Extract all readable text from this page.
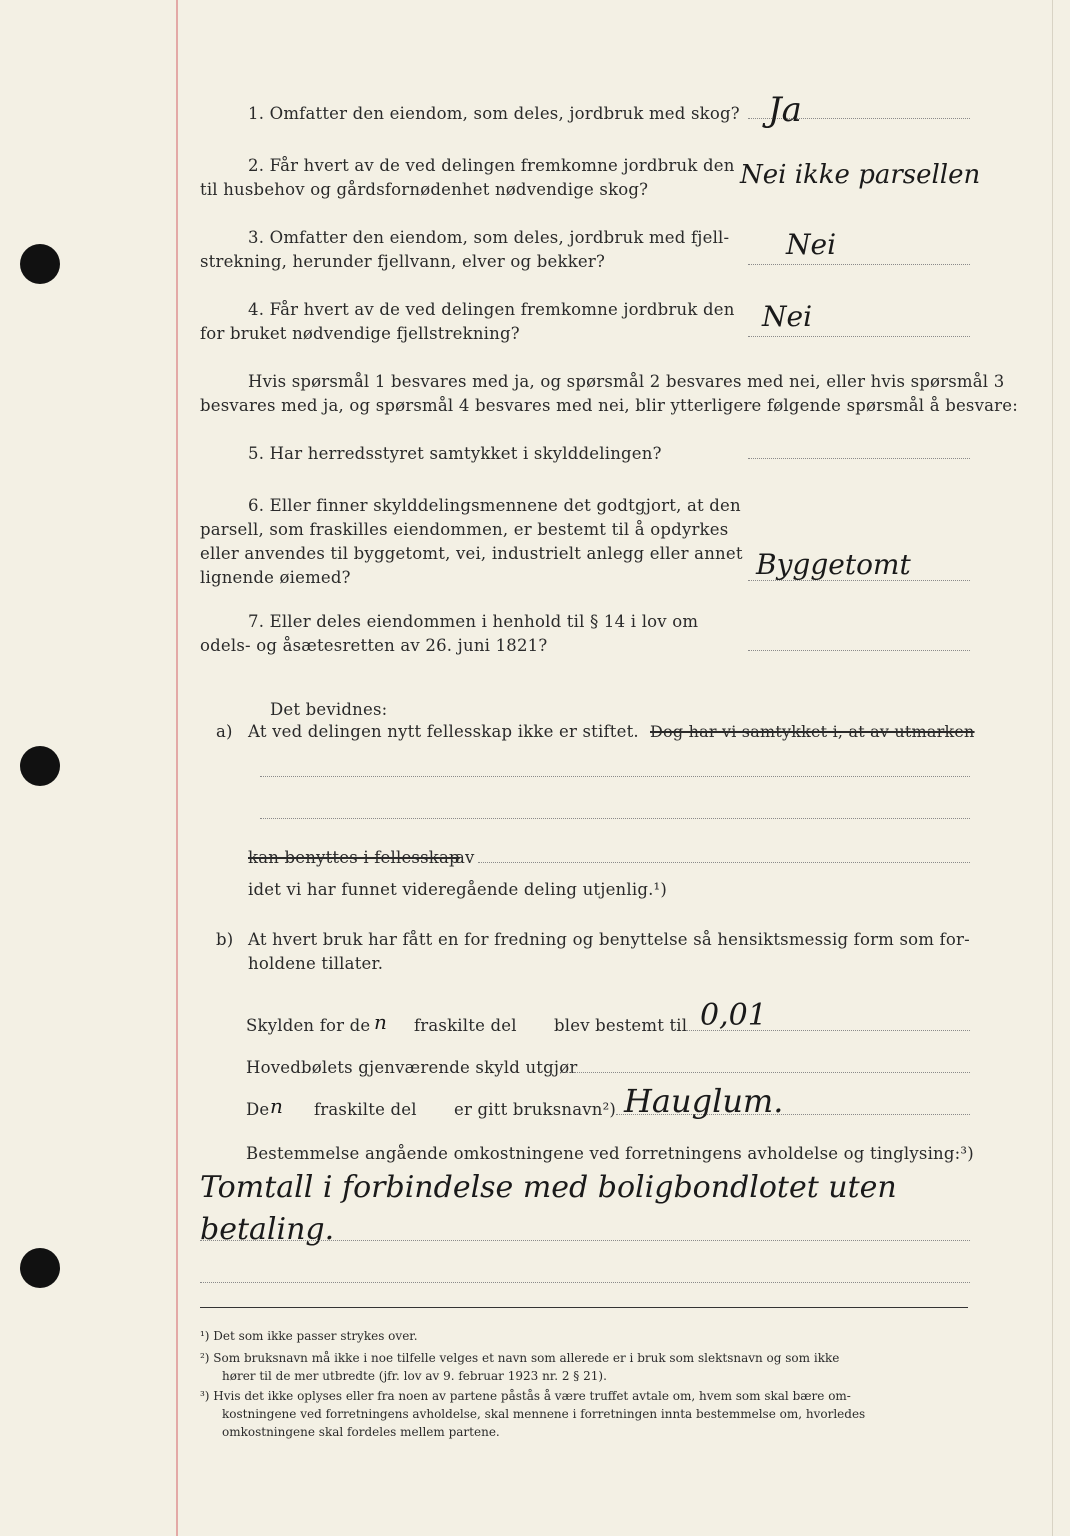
1. Omfatter den eiendom, som deles, jordbruk med skog? Ja
2. Får hvert av de ved delingen fremkomne jordbruk den
til husbehov og gårdsfornødenhet nødvendige skog?	Nei ikke parsellen
3. Omfatter den eiendom, som deles, jordbruk med fjell-
strekning, herunder fjellvann, elver og bekker?
Nei
4. Får hvert av de ved delingen fremkomne jordbruk den
for bruket nødvendige fjellstrekning?
Nei
Hvis spørsmål 1 besvares med ja, og spørsmål 2 besvares med nei, eller hvis spørsmål 3
besvares med ja, og spørsmål 4 besvares med nei, blir ytterligere følgende spørsmål å besvare:
5. Har herredsstyret samtykket i skylddelingen?
6. Eller finner skylddelingsmennene det godtgjort, at den
parsell, som fraskilles eiendommen, er bestemt til å opdyrkes
eller anvendes til byggetomt, vei, industrielt anlegg eller annet
lignende øiemed?	Byggetomt
7. Eller deles eiendommen i henhold til § 14 i lov om
odels- og åsætesretten av 26. juni 1821?
Det bevidnes:
a) At ved delingen nytt fellesskap ikke er stiftet. Dog har vi samtykket i, at av utmarken
kan benyttes i fellesskap
av
idet vi har funnet videregående deling utjenlig.¹)
b) At hvert bruk har fått en for fredning og benyttelse så hensiktsmessig form som for-
holdene tillater.
Skylden for de n fraskilte del blev bestemt til 0,01
Hovedbølets gjenværende skyld utgjør
De n fraskilte del er gitt bruksnavn²) Hauglum.
Bestemmelse angående omkostningene ved forretningens avholdelse og tinglysing:³)
Tomtall i forbindelse med boligbondlotet uten
betaling.
¹) Det som ikke passer strykes over.
²) Som bruksnavn må ikke i noe tilfelle velges et navn som allerede er i bruk som slektsnavn og som ikke
hører til de mer utbredte (jfr. lov av 9. februar 1923 nr. 2 § 21).
³) Hvis det ikke oplyses eller fra noen av partene påstås å være truffet avtale om, hvem som skal bære om-
kostningene ved forretningens avholdelse, skal mennene i forretningen innta bestemmelse om, hvorledes
omkostningene skal fordeles mellem partene.
